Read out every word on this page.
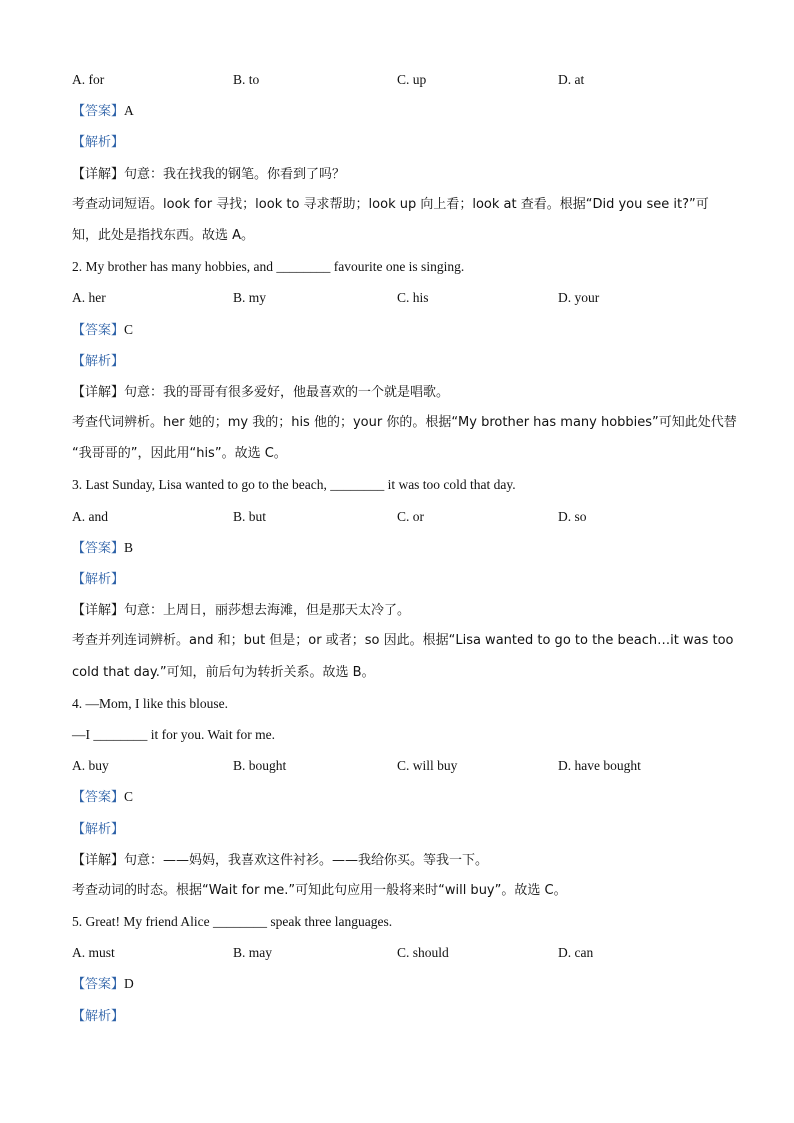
A. for	B. to	C. up	D. at
【答案】A
【解析】
【详解】句意：我在找我的钢笔。你看到了吗？
考查动词短语。look for 寻找；look to 寻求帮助；look up 向上看；look at 查看。根据“Did you see it?”可
知，此处是指找东西。故选 A。
2. My brother has many hobbies, and ________ favourite one is singing.
A. her	B. my	C. his	D. your
【答案】C
【解析】
【详解】句意：我的哥哥有很多爱好，他最喜欢的一个就是唱歌。
考查代词辨析。her 她的；my 我的；his 他的；your 你的。根据“My brother has many hobbies”可知此处代替
“我哥哥的”，因此用“his”。故选 C。
3. Last Sunday, Lisa wanted to go to the beach, ________ it was too cold that day.
A. and	B. but	C. or	D. so
【答案】B
【解析】
【详解】句意：上周日，丽莎想去海滩，但是那天太冷了。
考查并列连词辨析。and 和；but 但是；or 或者；so 因此。根据“Lisa wanted to go to the beach…it was too
cold that day.”可知，前后句为转折关系。故选 B。
4. —Mom, I like this blouse.
—I ________ it for you. Wait for me.
A. buy	B. bought	C. will buy	D. have bought
【答案】C
【解析】
【详解】句意：——妈妈，我喜欢这件衬衫。——我给你买。等我一下。
考查动词的时态。根据“Wait for me.”可知此句应用一般将来时“will buy”。故选 C。
5. Great! My friend Alice ________ speak three languages.
A. must	B. may	C. should	D. can
【答案】D
【解析】
